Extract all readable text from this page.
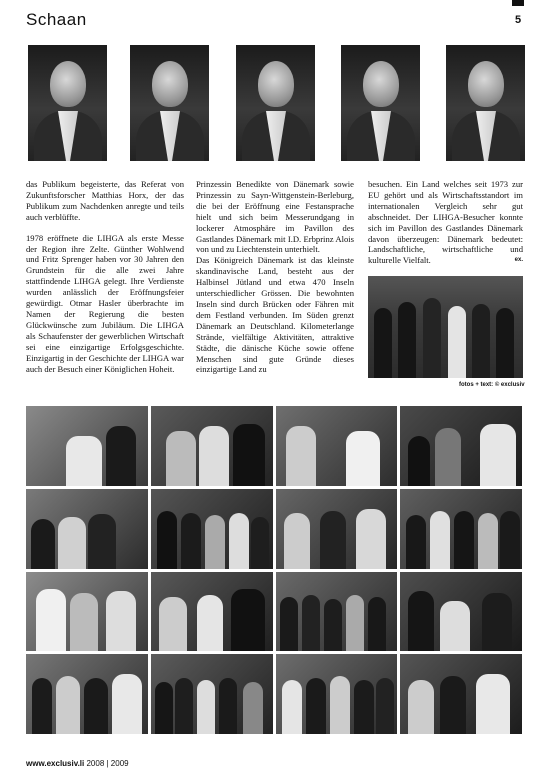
Schaan	5

das Publikum begeisterte, das Referat von Zukunftsforscher Matthias Horx, der das Publikum zum Nachdenken anregte und teils auch verblüffte.

1978 eröffnete die LIHGA als erste Messe der Region ihre Zelte. Günther Wohlwend und Fritz Sprenger haben vor 30 Jahren den Grundstein für die alle zwei Jahre stattfindende LIHGA gelegt. Ihre Verdienste wurden anlässlich der Eröffnungsfeier gewürdigt. Otmar Hasler überbrachte im Namen der Regierung die besten Glückwünsche zum Jubiläum. Die LIHGA als Schaufenster der gewerblichen Wirtschaft sei eine einzigartige Erfolgsgeschichte. Einzigartig in der Geschichte der LIHGA war auch der Besuch einer Königlichen Hoheit.

Prinzessin Benedikte von Dänemark sowie Prinzessin zu Sayn-Wittgenstein-Berleburg, die bei der Eröffnung eine Festansprache hielt und sich beim Messerundgang in lockerer Atmosphäre im Pavillon des Gastlandes Dänemark mit I.D. Erbprinz Alois von und zu Liechtenstein unterhielt.

Das Königreich Dänemark ist das kleinste skandinavische Land, besteht aus der Halbinsel Jütland und etwa 470 Inseln unterschiedlicher Grössen. Die bewohnten Inseln sind durch Brücken oder Fähren mit dem Festland verbunden. Im Süden grenzt Dänemark an Deutschland. Kilometerlange Strände, vielfältige Aktivitäten, attraktive Städte, die dänische Küche sowie offene Menschen sind gute Gründe dieses einzigartige Land zu

besuchen. Ein Land welches seit 1973 zur EU gehört und als Wirtschaftsstandort im internationalen Vergleich sehr gut abschneidet. Der LIHGA-Besucher konnte sich im Pavillon des Gastlandes Dänemark davon überzeugen: Dänemark bedeutet: Landschaftliche, wirtschaftliche und kulturelle Vielfalt.	ex.

fotos + text: © exclusiv
www.exclusiv.li 2008 | 2009
